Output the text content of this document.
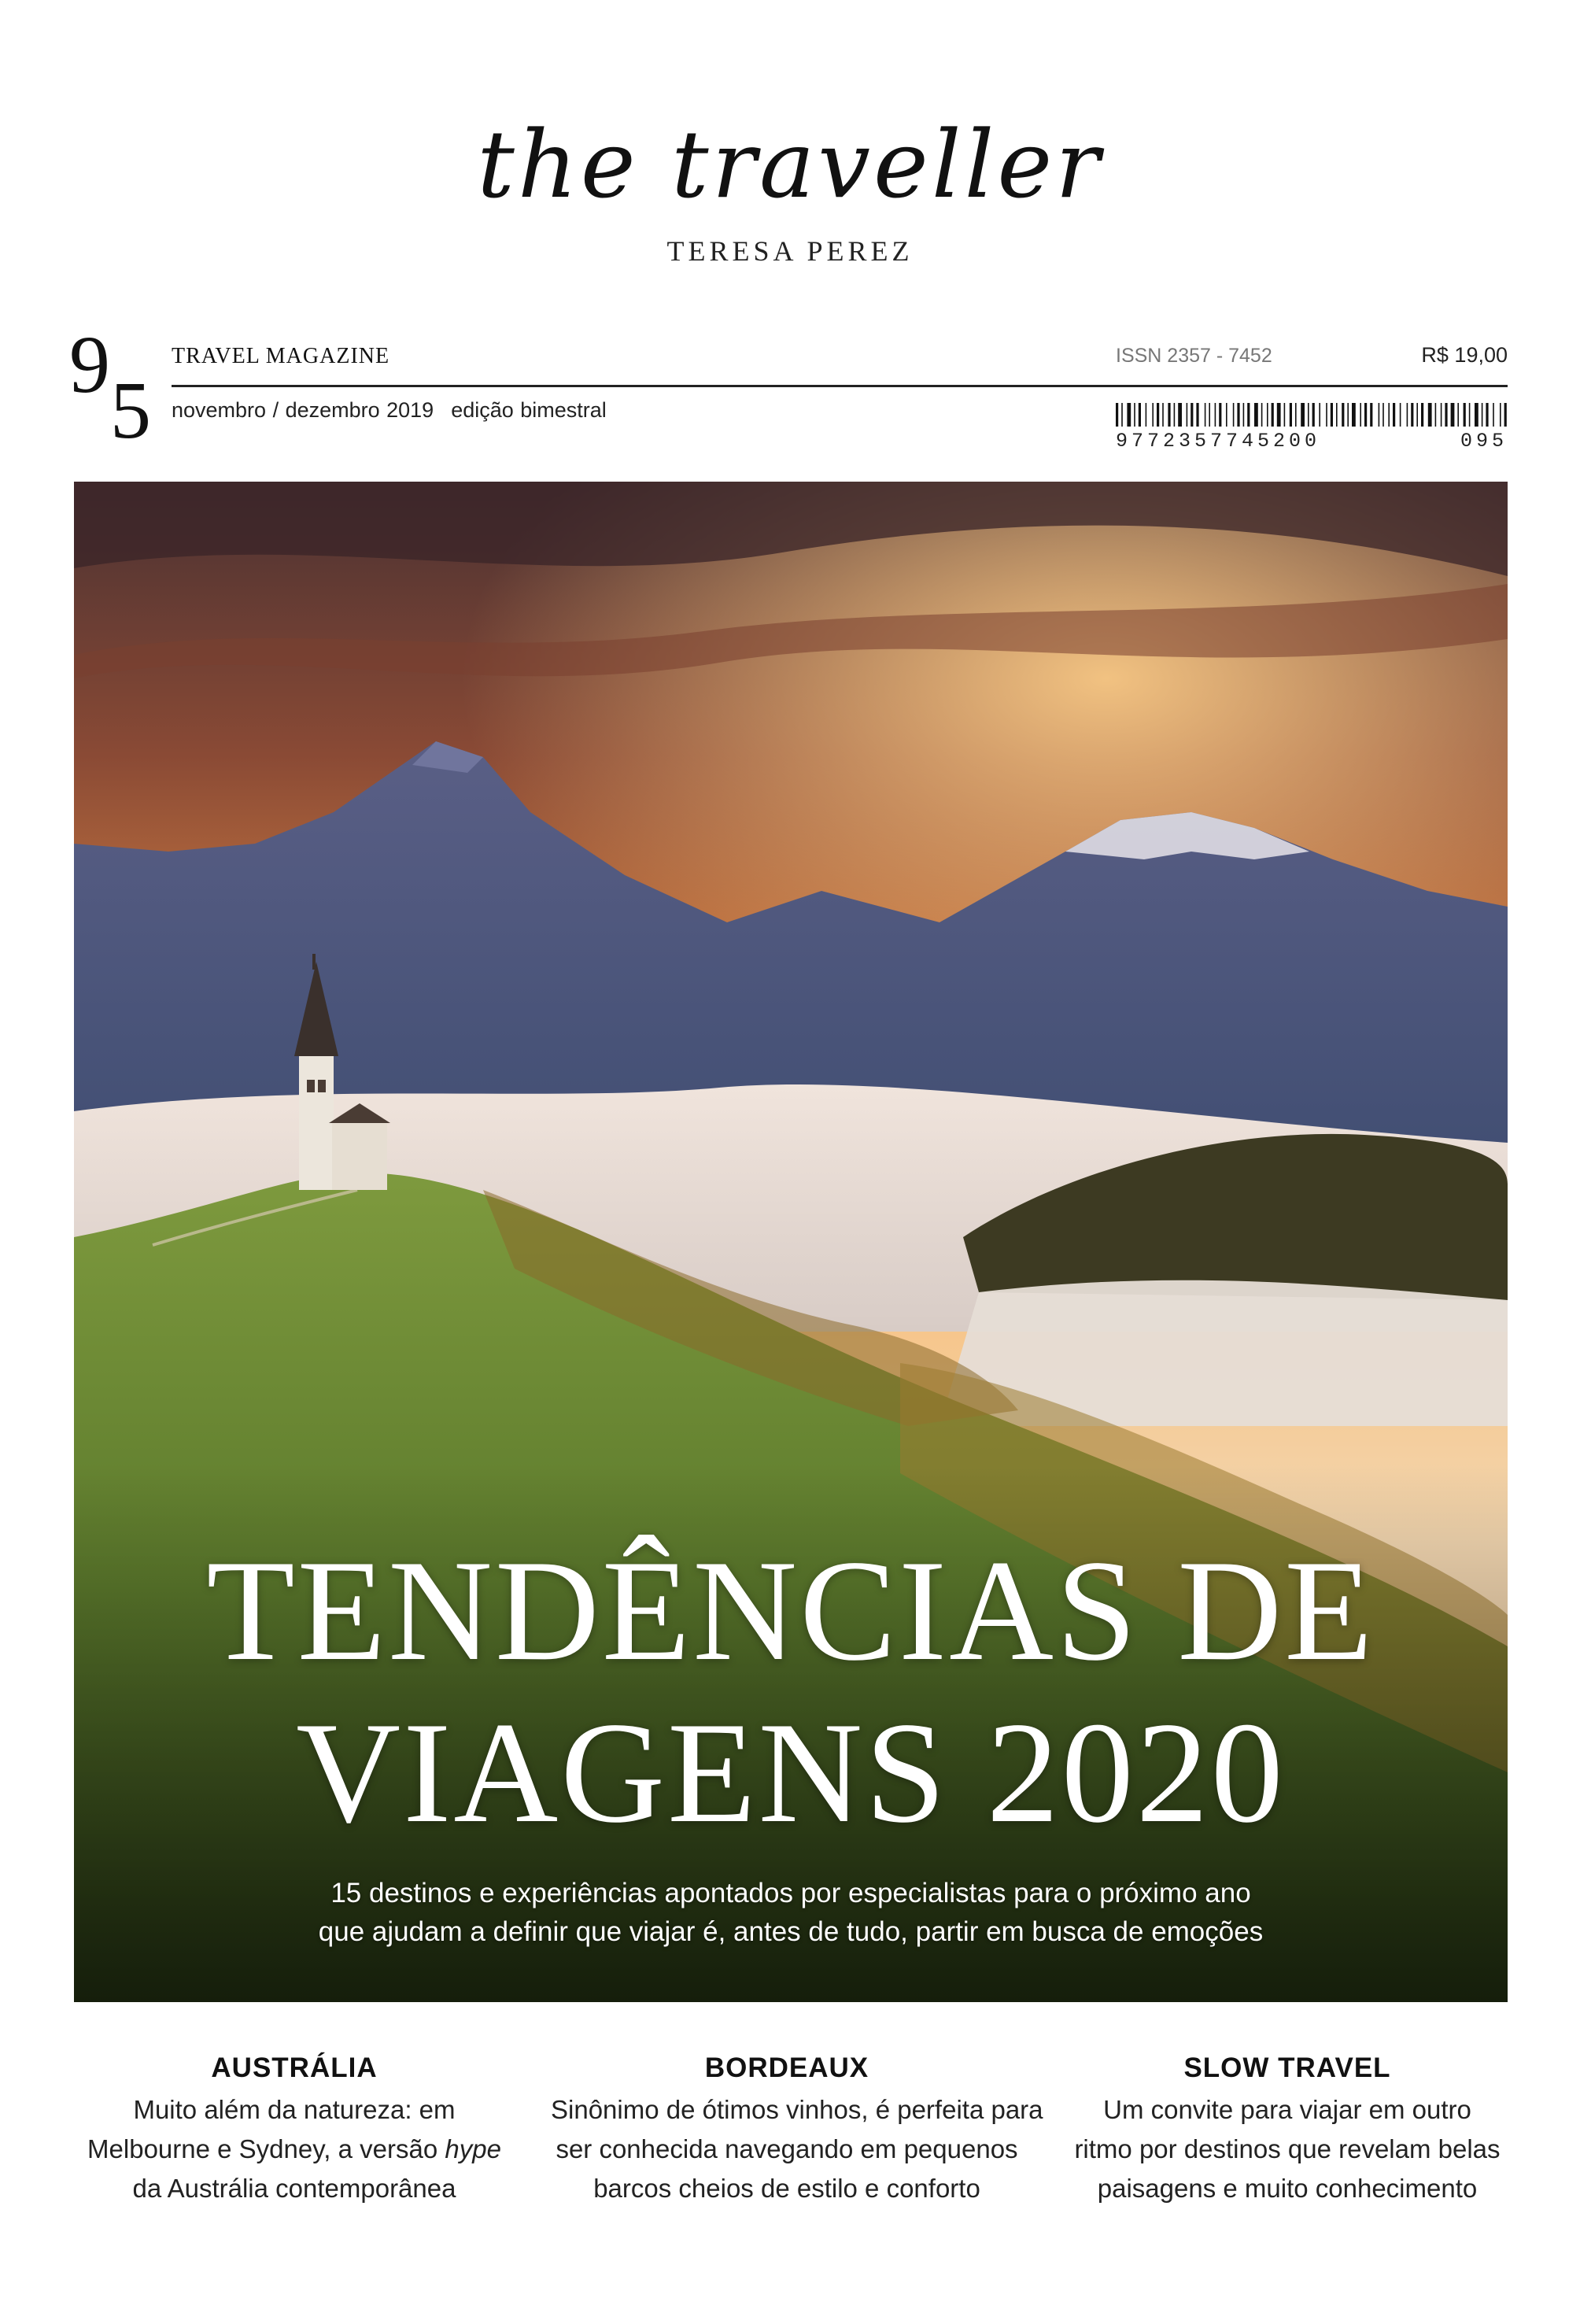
the traveller
TERESA PEREZ
9
5
TRAVEL MAGAZINE	ISSN 2357 - 7452	R$ 19,00
novembro / dezembro 2019 edição bimestral
9772357745200	095
TENDÊNCIAS DE
VIAGENS 2020
15 destinos e experiências apontados por especialistas para o próximo ano
que ajudam a definir que viajar é, antes de tudo, partir em busca de emoções
AUSTRÁLIA
Muito além da natureza: em
Melbourne e Sydney, a versão hype
da Austrália contemporânea
BORDEAUX
Sinônimo de ótimos vinhos, é perfeita para
ser conhecida navegando em pequenos
barcos cheios de estilo e conforto
SLOW TRAVEL
Um convite para viajar em outro
ritmo por destinos que revelam belas
paisagens e muito conhecimento
